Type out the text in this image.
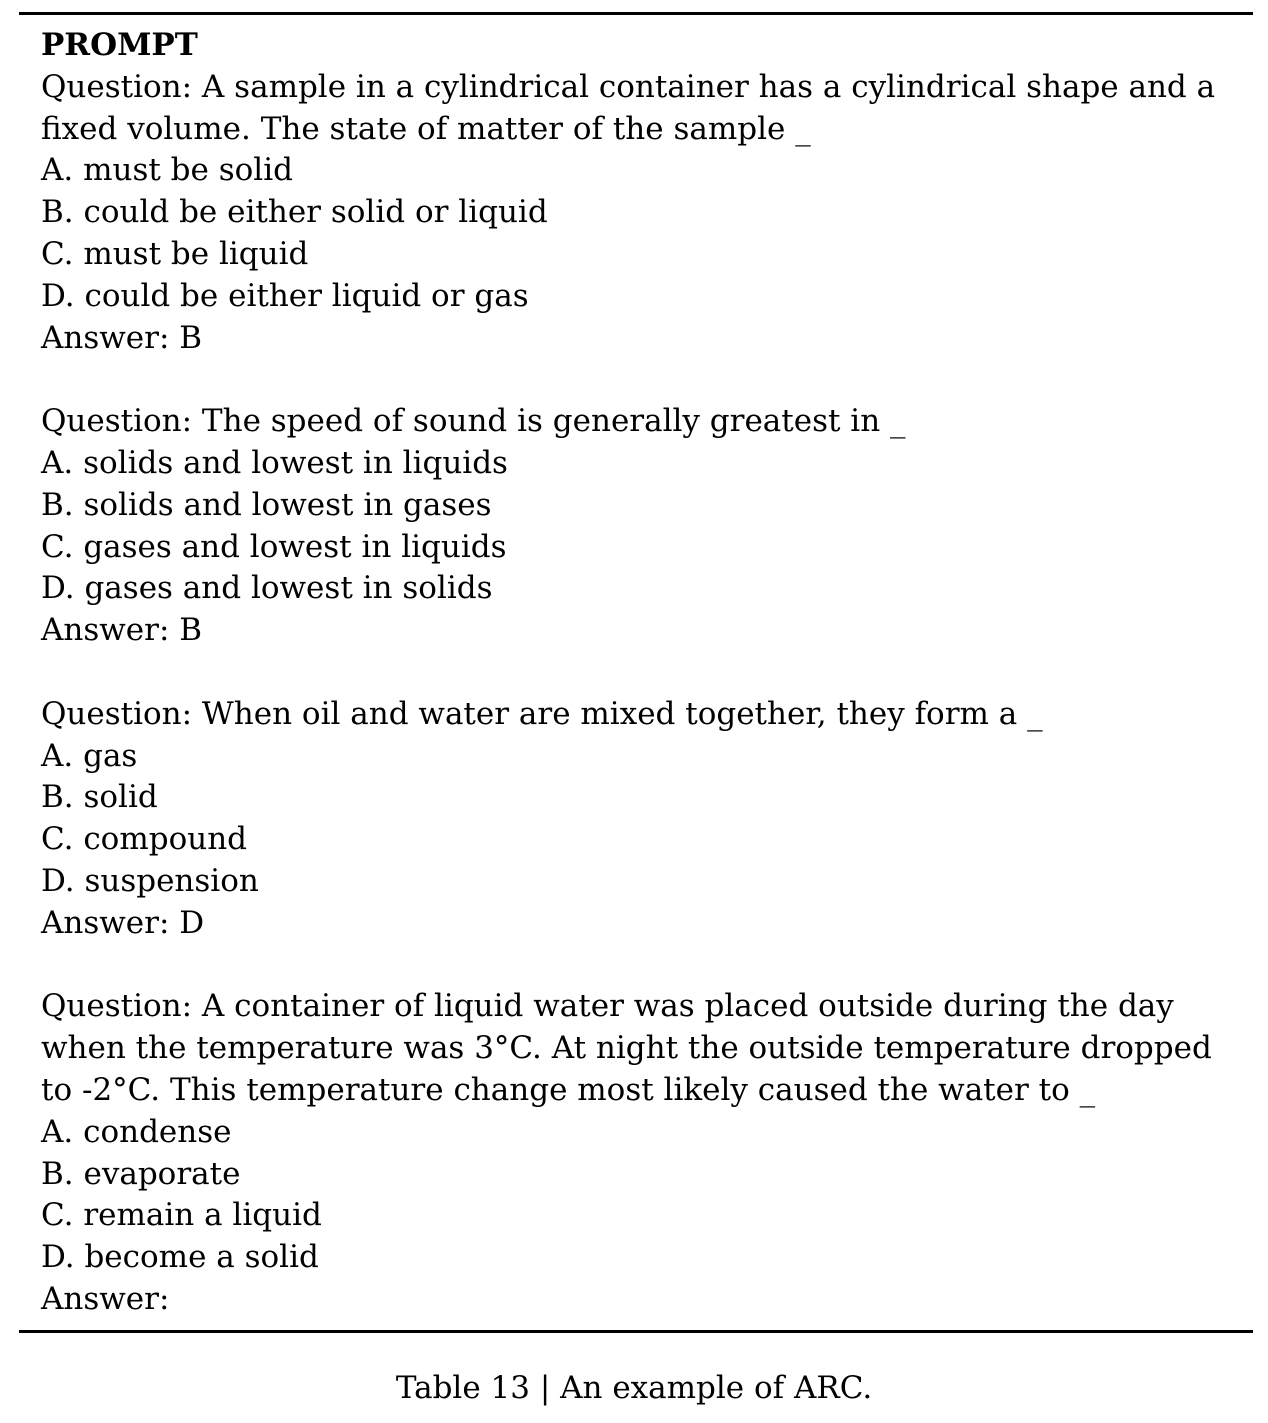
PROMPT
Question: A sample in a cylindrical container has a cylindrical shape and a fixed volume. The state of matter of the sample _
A. must be solid
B. could be either solid or liquid
C. must be liquid
D. could be either liquid or gas
Answer: B
Question: The speed of sound is generally greatest in _
A. solids and lowest in liquids
B. solids and lowest in gases
C. gases and lowest in liquids
D. gases and lowest in solids
Answer: B
Question: When oil and water are mixed together, they form a _
A. gas
B. solid
C. compound
D. suspension
Answer: D
Question: A container of liquid water was placed outside during the day when the temperature was 3°C. At night the outside temperature dropped to -2°C. This temperature change most likely caused the water to _
A. condense
B. evaporate
C. remain a liquid
D. become a solid
Answer:
Table 13 | An example of ARC.
